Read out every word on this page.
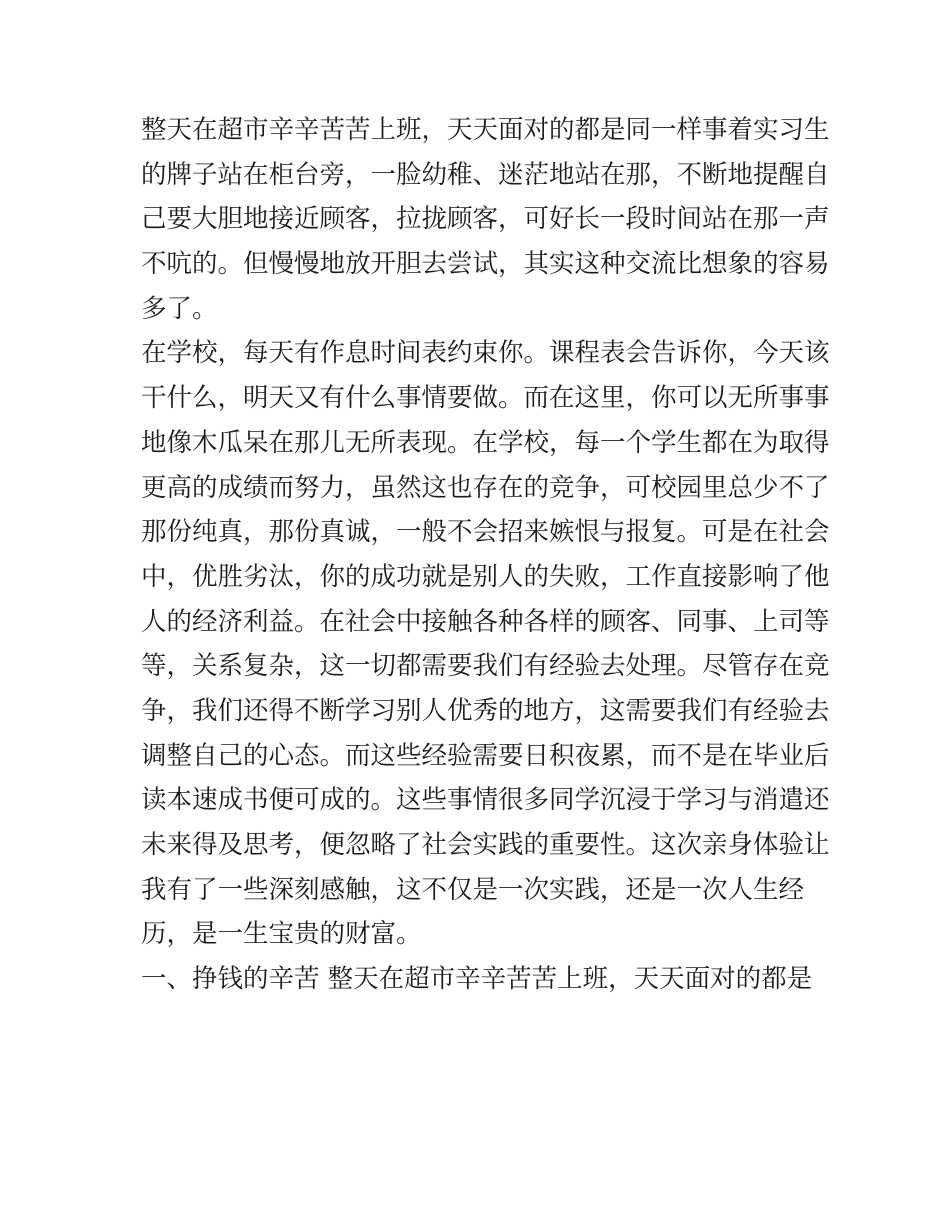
整天在超市辛辛苦苦上班，天天面对的都是同一样事着实习生

的牌子站在柜台旁，一脸幼稚、迷茫地站在那，不断地提醒自

己要大胆地接近顾客，拉拢顾客，可好长一段时间站在那一声

不吭的。但慢慢地放开胆去尝试，其实这种交流比想象的容易

多了。

在学校，每天有作息时间表约束你。课程表会告诉你，今天该

干什么，明天又有什么事情要做。而在这里，你可以无所事事

地像木瓜呆在那儿无所表现。在学校，每一个学生都在为取得

更高的成绩而努力，虽然这也存在的竞争，可校园里总少不了

那份纯真，那份真诚，一般不会招来嫉恨与报复。可是在社会

中，优胜劣汰，你的成功就是别人的失败，工作直接影响了他

人的经济利益。在社会中接触各种各样的顾客、同事、上司等

等，关系复杂，这一切都需要我们有经验去处理。尽管存在竞

争，我们还得不断学习别人优秀的地方，这需要我们有经验去

调整自己的心态。而这些经验需要日积夜累，而不是在毕业后

读本速成书便可成的。这些事情很多同学沉浸于学习与消遣还

未来得及思考，便忽略了社会实践的重要性。这次亲身体验让

我有了一些深刻感触，这不仅是一次实践，还是一次人生经

历，是一生宝贵的财富。

一、挣钱的辛苦 整天在超市辛辛苦苦上班，天天面对的都是
